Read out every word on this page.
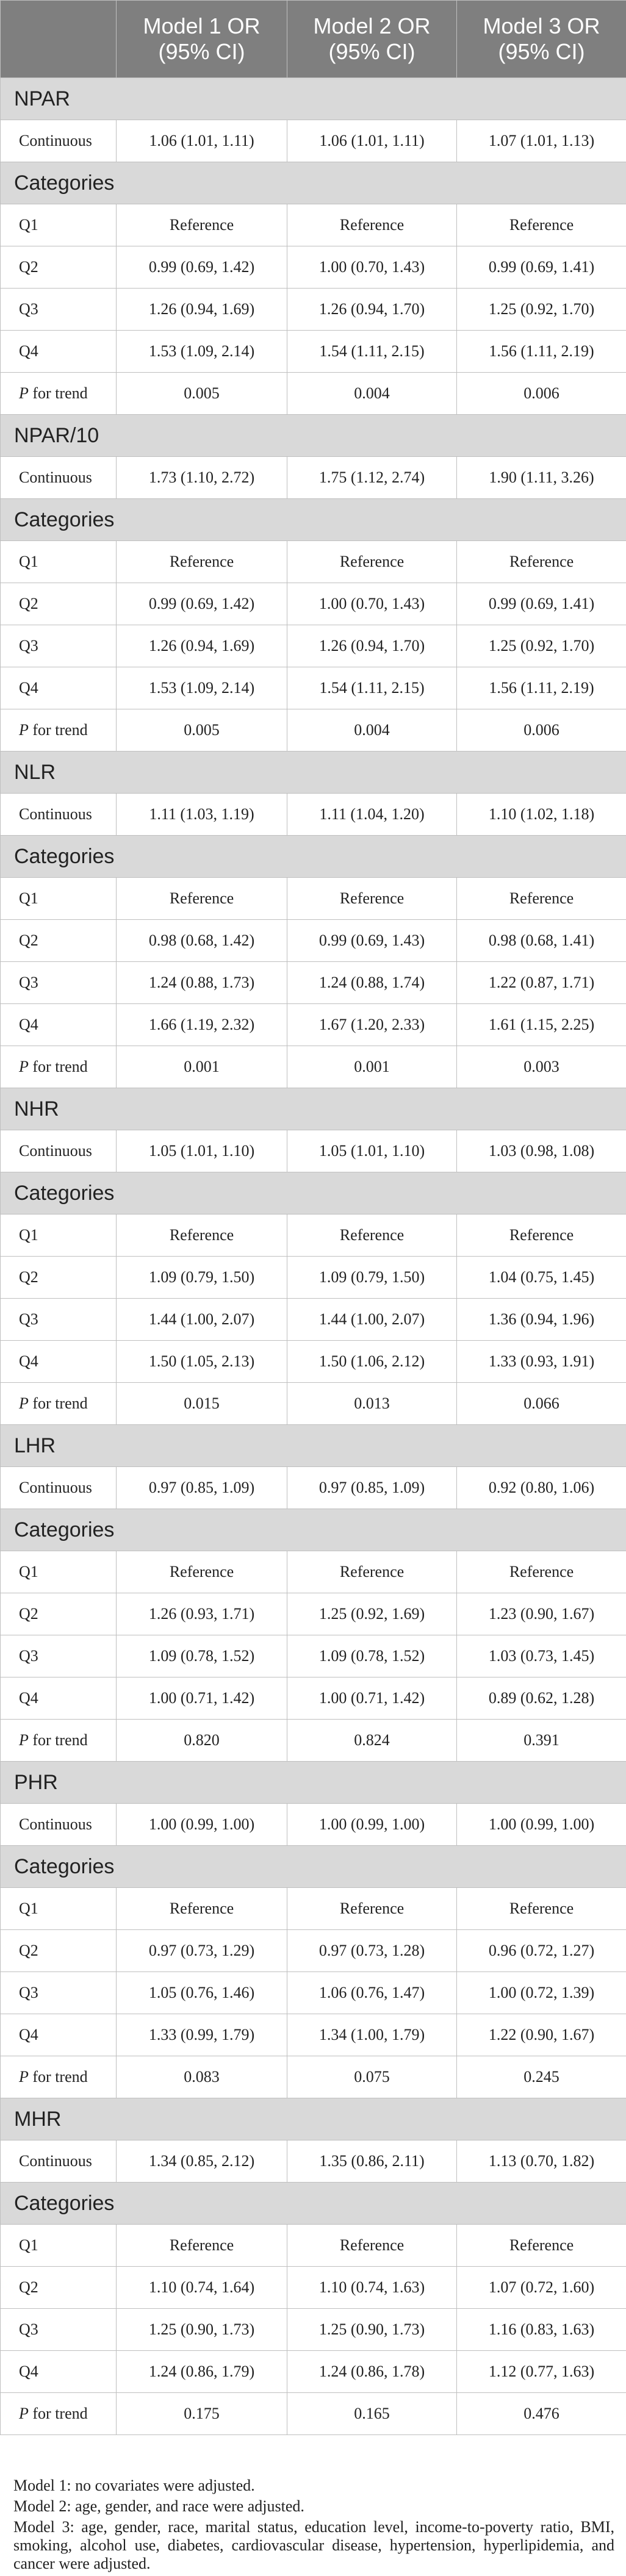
	Model 1 OR (95% CI)	Model 2 OR (95% CI)	Model 3 OR (95% CI)
NPAR			
Continuous	1.06 (1.01, 1.11)	1.06 (1.01, 1.11)	1.07 (1.01, 1.13)
Categories			
Q1	Reference	Reference	Reference
Q2	0.99 (0.69, 1.42)	1.00 (0.70, 1.43)	0.99 (0.69, 1.41)
Q3	1.26 (0.94, 1.69)	1.26 (0.94, 1.70)	1.25 (0.92, 1.70)
Q4	1.53 (1.09, 2.14)	1.54 (1.11, 2.15)	1.56 (1.11, 2.19)
P for trend	0.005	0.004	0.006
NPAR/10			
Continuous	1.73 (1.10, 2.72)	1.75 (1.12, 2.74)	1.90 (1.11, 3.26)
Categories			
Q1	Reference	Reference	Reference
Q2	0.99 (0.69, 1.42)	1.00 (0.70, 1.43)	0.99 (0.69, 1.41)
Q3	1.26 (0.94, 1.69)	1.26 (0.94, 1.70)	1.25 (0.92, 1.70)
Q4	1.53 (1.09, 2.14)	1.54 (1.11, 2.15)	1.56 (1.11, 2.19)
P for trend	0.005	0.004	0.006
NLR			
Continuous	1.11 (1.03, 1.19)	1.11 (1.04, 1.20)	1.10 (1.02, 1.18)
Categories			
Q1	Reference	Reference	Reference
Q2	0.98 (0.68, 1.42)	0.99 (0.69, 1.43)	0.98 (0.68, 1.41)
Q3	1.24 (0.88, 1.73)	1.24 (0.88, 1.74)	1.22 (0.87, 1.71)
Q4	1.66 (1.19, 2.32)	1.67 (1.20, 2.33)	1.61 (1.15, 2.25)
P for trend	0.001	0.001	0.003
NHR			
Continuous	1.05 (1.01, 1.10)	1.05 (1.01, 1.10)	1.03 (0.98, 1.08)
Categories			
Q1	Reference	Reference	Reference
Q2	1.09 (0.79, 1.50)	1.09 (0.79, 1.50)	1.04 (0.75, 1.45)
Q3	1.44 (1.00, 2.07)	1.44 (1.00, 2.07)	1.36 (0.94, 1.96)
Q4	1.50 (1.05, 2.13)	1.50 (1.06, 2.12)	1.33 (0.93, 1.91)
P for trend	0.015	0.013	0.066
LHR			
Continuous	0.97 (0.85, 1.09)	0.97 (0.85, 1.09)	0.92 (0.80, 1.06)
Categories			
Q1	Reference	Reference	Reference
Q2	1.26 (0.93, 1.71)	1.25 (0.92, 1.69)	1.23 (0.90, 1.67)
Q3	1.09 (0.78, 1.52)	1.09 (0.78, 1.52)	1.03 (0.73, 1.45)
Q4	1.00 (0.71, 1.42)	1.00 (0.71, 1.42)	0.89 (0.62, 1.28)
P for trend	0.820	0.824	0.391
PHR			
Continuous	1.00 (0.99, 1.00)	1.00 (0.99, 1.00)	1.00 (0.99, 1.00)
Categories			
Q1	Reference	Reference	Reference
Q2	0.97 (0.73, 1.29)	0.97 (0.73, 1.28)	0.96 (0.72, 1.27)
Q3	1.05 (0.76, 1.46)	1.06 (0.76, 1.47)	1.00 (0.72, 1.39)
Q4	1.33 (0.99, 1.79)	1.34 (1.00, 1.79)	1.22 (0.90, 1.67)
P for trend	0.083	0.075	0.245
MHR			
Continuous	1.34 (0.85, 2.12)	1.35 (0.86, 2.11)	1.13 (0.70, 1.82)
Categories			
Q1	Reference	Reference	Reference
Q2	1.10 (0.74, 1.64)	1.10 (0.74, 1.63)	1.07 (0.72, 1.60)
Q3	1.25 (0.90, 1.73)	1.25 (0.90, 1.73)	1.16 (0.83, 1.63)
Q4	1.24 (0.86, 1.79)	1.24 (0.86, 1.78)	1.12 (0.77, 1.63)
P for trend	0.175	0.165	0.476

Model 1: no covariates were adjusted.

Model 2: age, gender, and race were adjusted.

Model 3: age, gender, race, marital status, education level, income-to-poverty ratio, BMI, smoking, alcohol use, diabetes, cardiovascular disease, hypertension, hyperlipidemia, and cancer were adjusted.
